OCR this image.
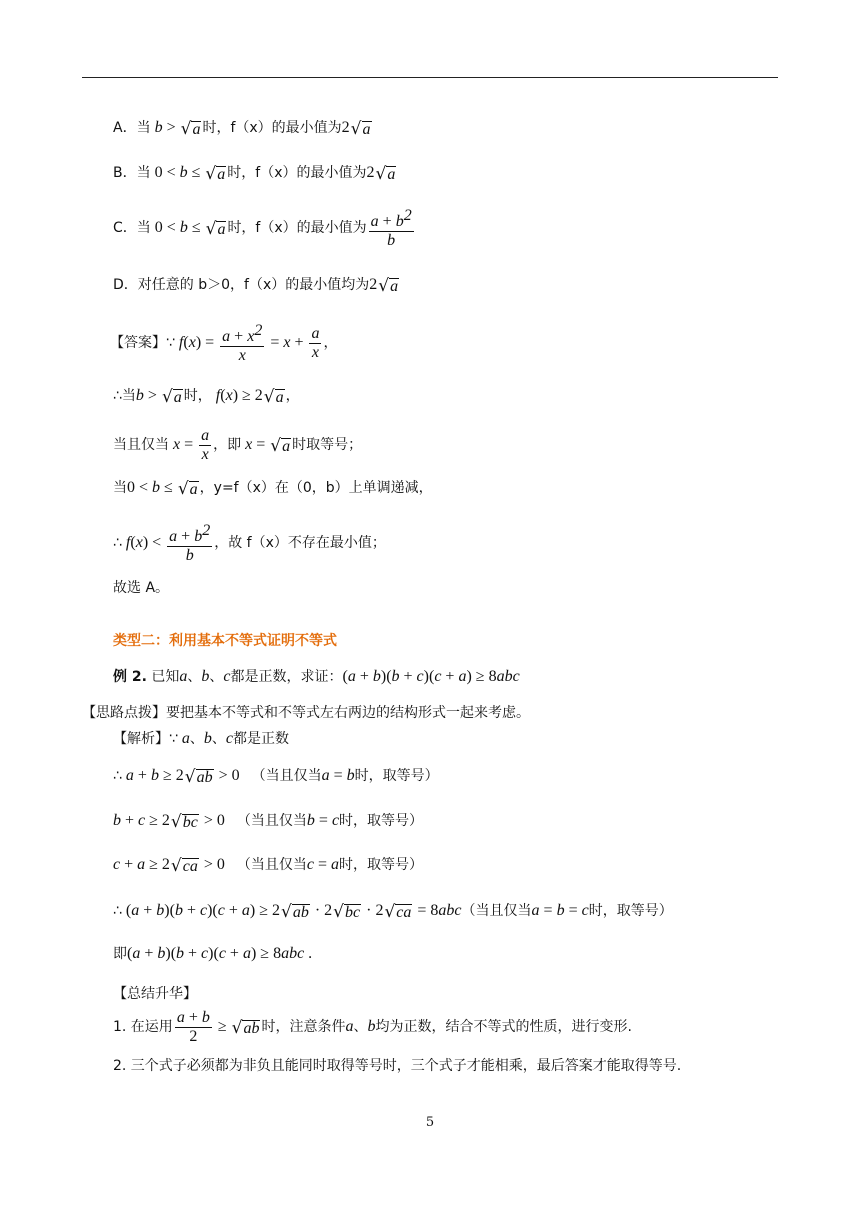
A．当 b > √ a 时，f（x）的最小值为 2 √ a
B．当 0 < b ≤ √ a 时，f（x）的最小值为 2 √ a
C．当 0 < b ≤ √ a 时，f（x）的最小值为 $\frac{a + b^2}{b}$
D．对任意的 b＞0，f（x）的最小值均为 2 √ a
【答案】∵ f ( x ) = $\frac{a + x^2}{x} = x + \frac{a}{x}$ ，
∴当 b > √ a 时， f ( x ) ≥ 2 √ a ，
当且仅当 $x = \frac{a}{x}$ ，即 x = √ a 时取等号；
当 0 < b ≤ √ a ，y=f（x）在（0，b）上单调递减，
∴ f ( x ) < $\frac{a + b^2}{b}$ ，故 f（x）不存在最小值；
故选 A。
类型二：利用基本不等式证明不等式
例 2.
已知 a 、 b 、 c 都是正数，求证： ( a + b )( b + c )( c + a ) ≥ 8 abc
【思路点拨】要把基本不等式和不等式左右两边的结构形式一起来考虑。
【解析】∵ a 、 b 、 c 都是正数
∴ a + b ≥ 2 √ ab > 0 （当且仅当 a = b 时，取等号）
b + c ≥ 2 √ bc > 0 （当且仅当 b = c 时，取等号）
c + a ≥ 2 √ ca > 0 （当且仅当 c = a 时，取等号）
∴ ( a + b )( b + c )( c + a ) ≥ 2 √ ab · 2 √ bc · 2 √ ca = 8 abc （当且仅当 a = b = c 时，取等号）
即 ( a + b )( b + c )( c + a ) ≥ 8 abc .
【总结升华】
1. 在运用 $\frac{a + b}{2}$ ≥ √ ab 时，注意条件 a 、 b 均为正数，结合不等式的性质，进行变形.
2. 三个式子必须都为非负且能同时取得等号时，三个式子才能相乘，最后答案才能取得等号.
5
